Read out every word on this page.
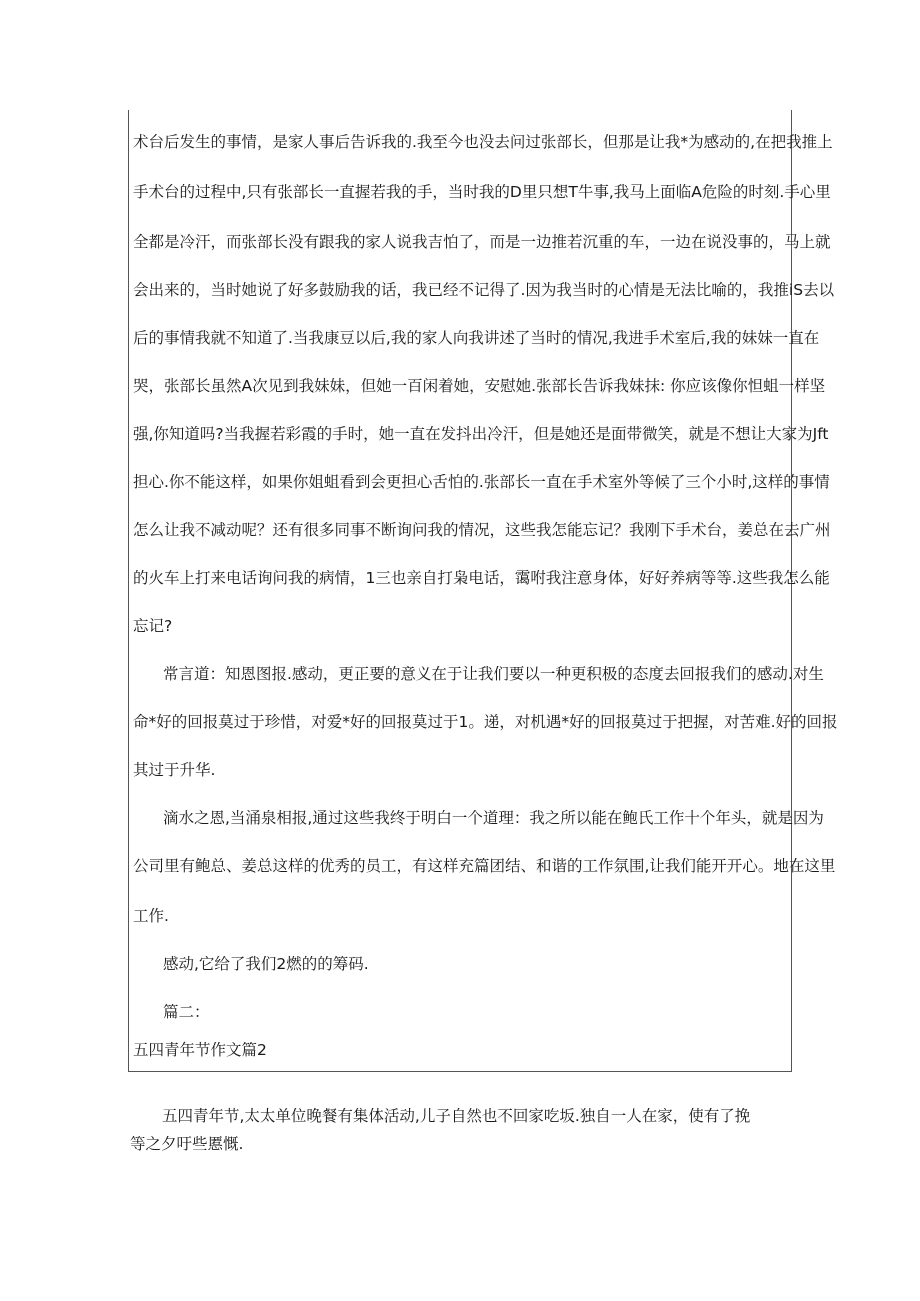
术台后发生的事情，是家人事后告诉我的.我至今也没去问过张部长，但那是让我*为感动的,在把我推上
手术台的过程中,只有张部长一直握若我的手，当时我的D里只想T牛事,我马上面临A危险的时刻.手心里
全都是冷汗，而张部长没有跟我的家人说我吉怕了，而是一边推若沉重的车，一边在说没事的，马上就
会出来的，当时她说了好多鼓励我的话，我已经不记得了.因为我当时的心情是无法比喻的，我推iS去以
后的事情我就不知道了.当我康豆以后,我的家人向我讲述了当时的情况,我进手术室后,我的妹妹一直在
哭，张部长虽然A次见到我妹妹，但她一百闲着她，安慰她.张部长告诉我妹抹: 你应该像你怛蛆一样坚
强,你知道吗?当我握若彩霞的手时，她一直在发抖出冷汗，但是她还是面带微笑，就是不想让大家为Jft
担心.你不能这样，如果你姐蛆看到会更担心舌怕的.张部长一直在手术室外等候了三个小时,这样的事情
怎么让我不减动呢？还有很多同事不断询问我的情况，这些我怎能忘记？我刚下手术台，姜总在去广州
的火车上打来电话询问我的病情，1三也亲自打枭电话，霭咐我注意身体，好好养病等等.这些我怎么能
忘记?
常言道：知恩图报.感动，更正要的意义在于让我们要以一种更积极的态度去回报我们的感动.对生
命*好的回报莫过于珍惜，对爱*好的回报莫过于1。递，对机遇*好的回报莫过于把握，对苦难.好的回报
其过于升华.
滴水之恩,当涌泉相报,通过这些我终于明白一个道理：我之所以能在鲍氏工作十个年头，就是因为
公司里有鲍总、姜总这样的优秀的员工，有这样充篇团结、和谐的工作氛围,让我们能开开心。地在这里
工作.
感动,它给了我们2燃的的筹码.
篇二：
五四青年节作文篇2
五四青年节,太太单位晚餐有集体活动,儿子自然也不回家吃坂.独自一人在家，使有了挽
等之夕吁些慝慨.
